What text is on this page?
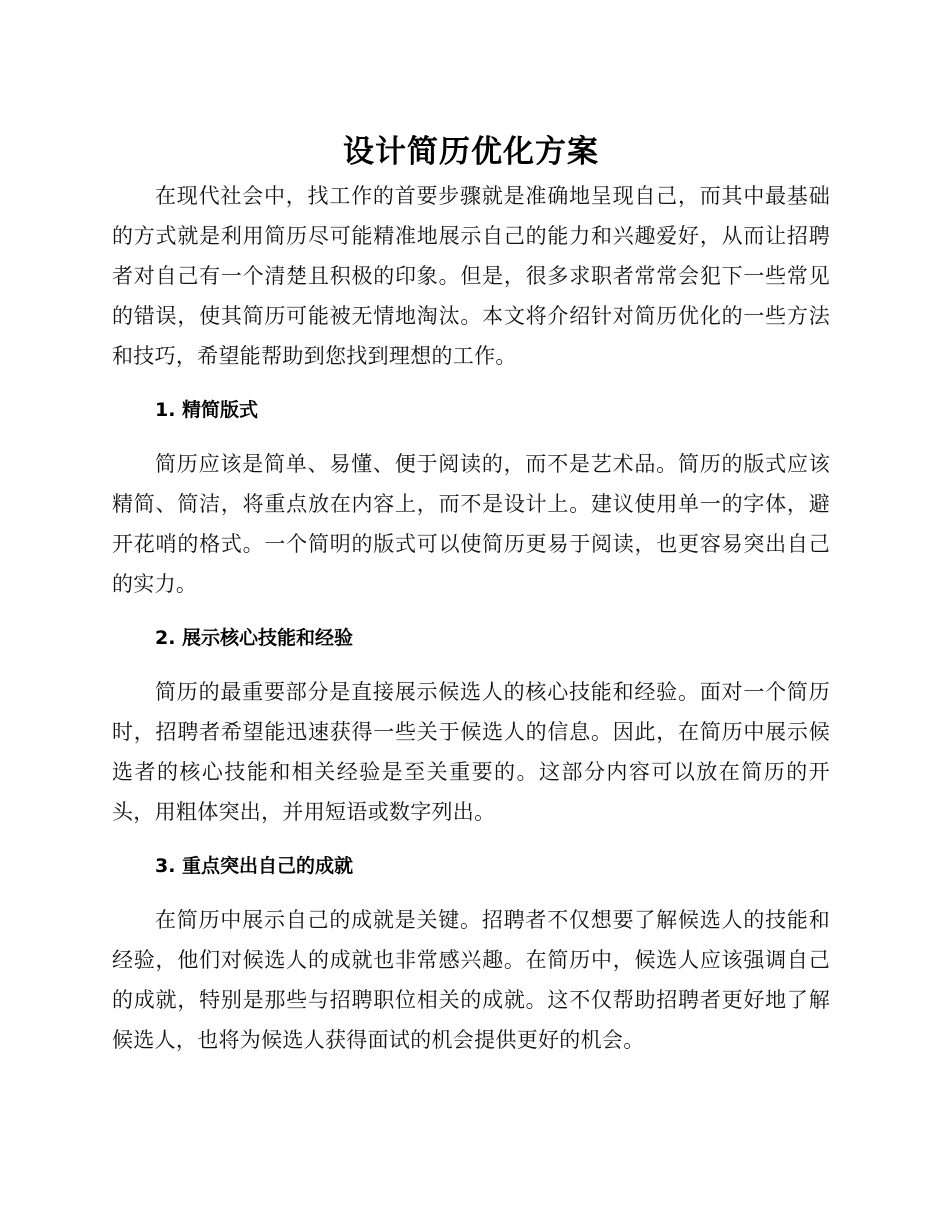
设计简历优化方案

在现代社会中，找工作的首要步骤就是准确地呈现自己，而其中最基础的方式就是利用简历尽可能精准地展示自己的能力和兴趣爱好，从而让招聘者对自己有一个清楚且积极的印象。但是，很多求职者常常会犯下一些常见的错误，使其简历可能被无情地淘汰。本文将介绍针对简历优化的一些方法和技巧，希望能帮助到您找到理想的工作。

1. 精简版式

简历应该是简单、易懂、便于阅读的，而不是艺术品。简历的版式应该精简、简洁，将重点放在内容上，而不是设计上。建议使用单一的字体，避开花哨的格式。一个简明的版式可以使简历更易于阅读，也更容易突出自己的实力。

2. 展示核心技能和经验

简历的最重要部分是直接展示候选人的核心技能和经验。面对一个简历时，招聘者希望能迅速获得一些关于候选人的信息。因此，在简历中展示候选者的核心技能和相关经验是至关重要的。这部分内容可以放在简历的开头，用粗体突出，并用短语或数字列出。

3. 重点突出自己的成就

在简历中展示自己的成就是关键。招聘者不仅想要了解候选人的技能和经验，他们对候选人的成就也非常感兴趣。在简历中，候选人应该强调自己的成就，特别是那些与招聘职位相关的成就。这不仅帮助招聘者更好地了解候选人，也将为候选人获得面试的机会提供更好的机会。
